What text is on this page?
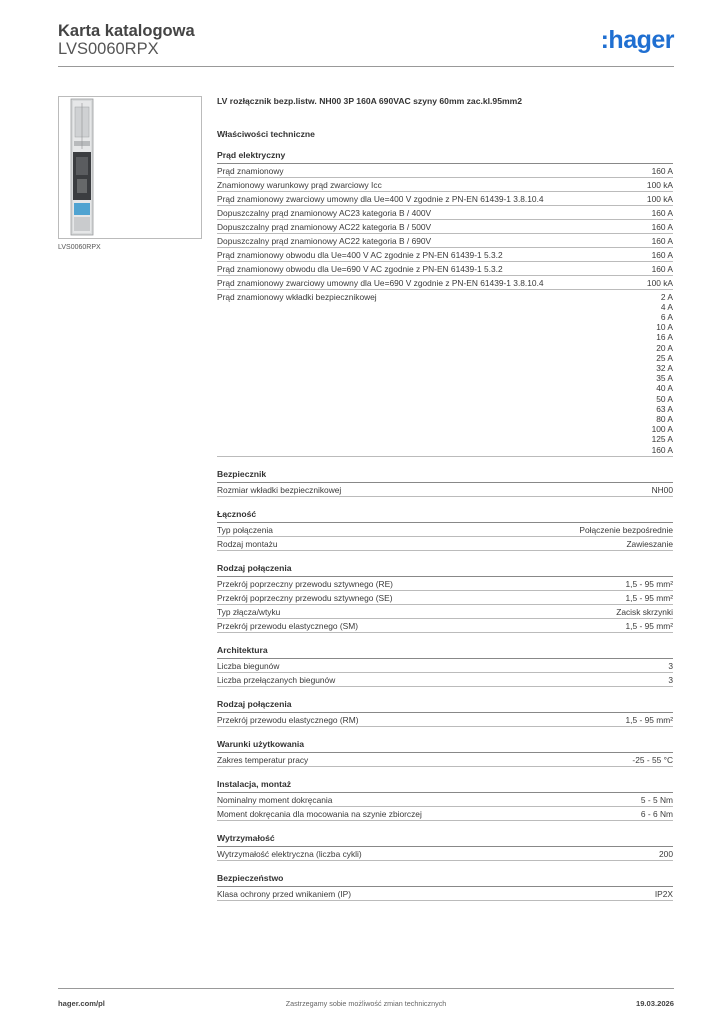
Karta katalogowa
LVS0060RPX	:hager
LVS0060RPX
LV rozłącznik bezp.listw. NH00 3P 160A 690VAC szyny 60mm zac.kl.95mm2
Właściwości techniczne
Prąd elektryczny
Prąd znamionowy	160 A
Znamionowy warunkowy prąd zwarciowy Icc	100 kA
Prąd znamionowy zwarciowy umowny dla Ue=400 V zgodnie z PN-EN 61439-1 3.8.10.4	100 kA
Dopuszczalny prąd znamionowy AC23 kategoria B / 400V	160 A
Dopuszczalny prąd znamionowy AC22 kategoria B / 500V	160 A
Dopuszczalny prąd znamionowy AC22 kategoria B / 690V	160 A
Prąd znamionowy obwodu dla Ue=400 V AC zgodnie z PN-EN 61439-1 5.3.2	160 A
Prąd znamionowy obwodu dla Ue=690 V AC zgodnie z PN-EN 61439-1 5.3.2	160 A
Prąd znamionowy zwarciowy umowny dla Ue=690 V zgodnie z PN-EN 61439-1 3.8.10.4	100 kA
Prąd znamionowy wkładki bezpiecznikowej	2 A
4 A
6 A
10 A
16 A
20 A
25 A
32 A
35 A
40 A
50 A
63 A
80 A
100 A
125 A
160 A
Bezpiecznik
Rozmiar wkładki bezpiecznikowej	NH00
Łączność
Typ połączenia	Połączenie bezpośrednie
Rodzaj montażu	Zawieszanie
Rodzaj połączenia
Przekrój poprzeczny przewodu sztywnego (RE)	1,5 - 95 mm²
Przekrój poprzeczny przewodu sztywnego (SE)	1,5 - 95 mm²
Typ złącza/wtyku	Zacisk skrzynki
Przekrój przewodu elastycznego (SM)	1,5 - 95 mm²
Architektura
Liczba biegunów	3
Liczba przełączanych biegunów	3
Rodzaj połączenia
Przekrój przewodu elastycznego (RM)	1,5 - 95 mm²
Warunki użytkowania
Zakres temperatur pracy	-25 - 55 °C
Instalacja, montaż
Nominalny moment dokręcania	5 - 5 Nm
Moment dokręcania dla mocowania na szynie zbiorczej	6 - 6 Nm
Wytrzymałość
Wytrzymałość elektryczna (liczba cykli)	200
Bezpieczeństwo
Klasa ochrony przed wnikaniem (IP)	IP2X
hager.com/pl	Zastrzegamy sobie możliwość zmian technicznych	19.03.2026
